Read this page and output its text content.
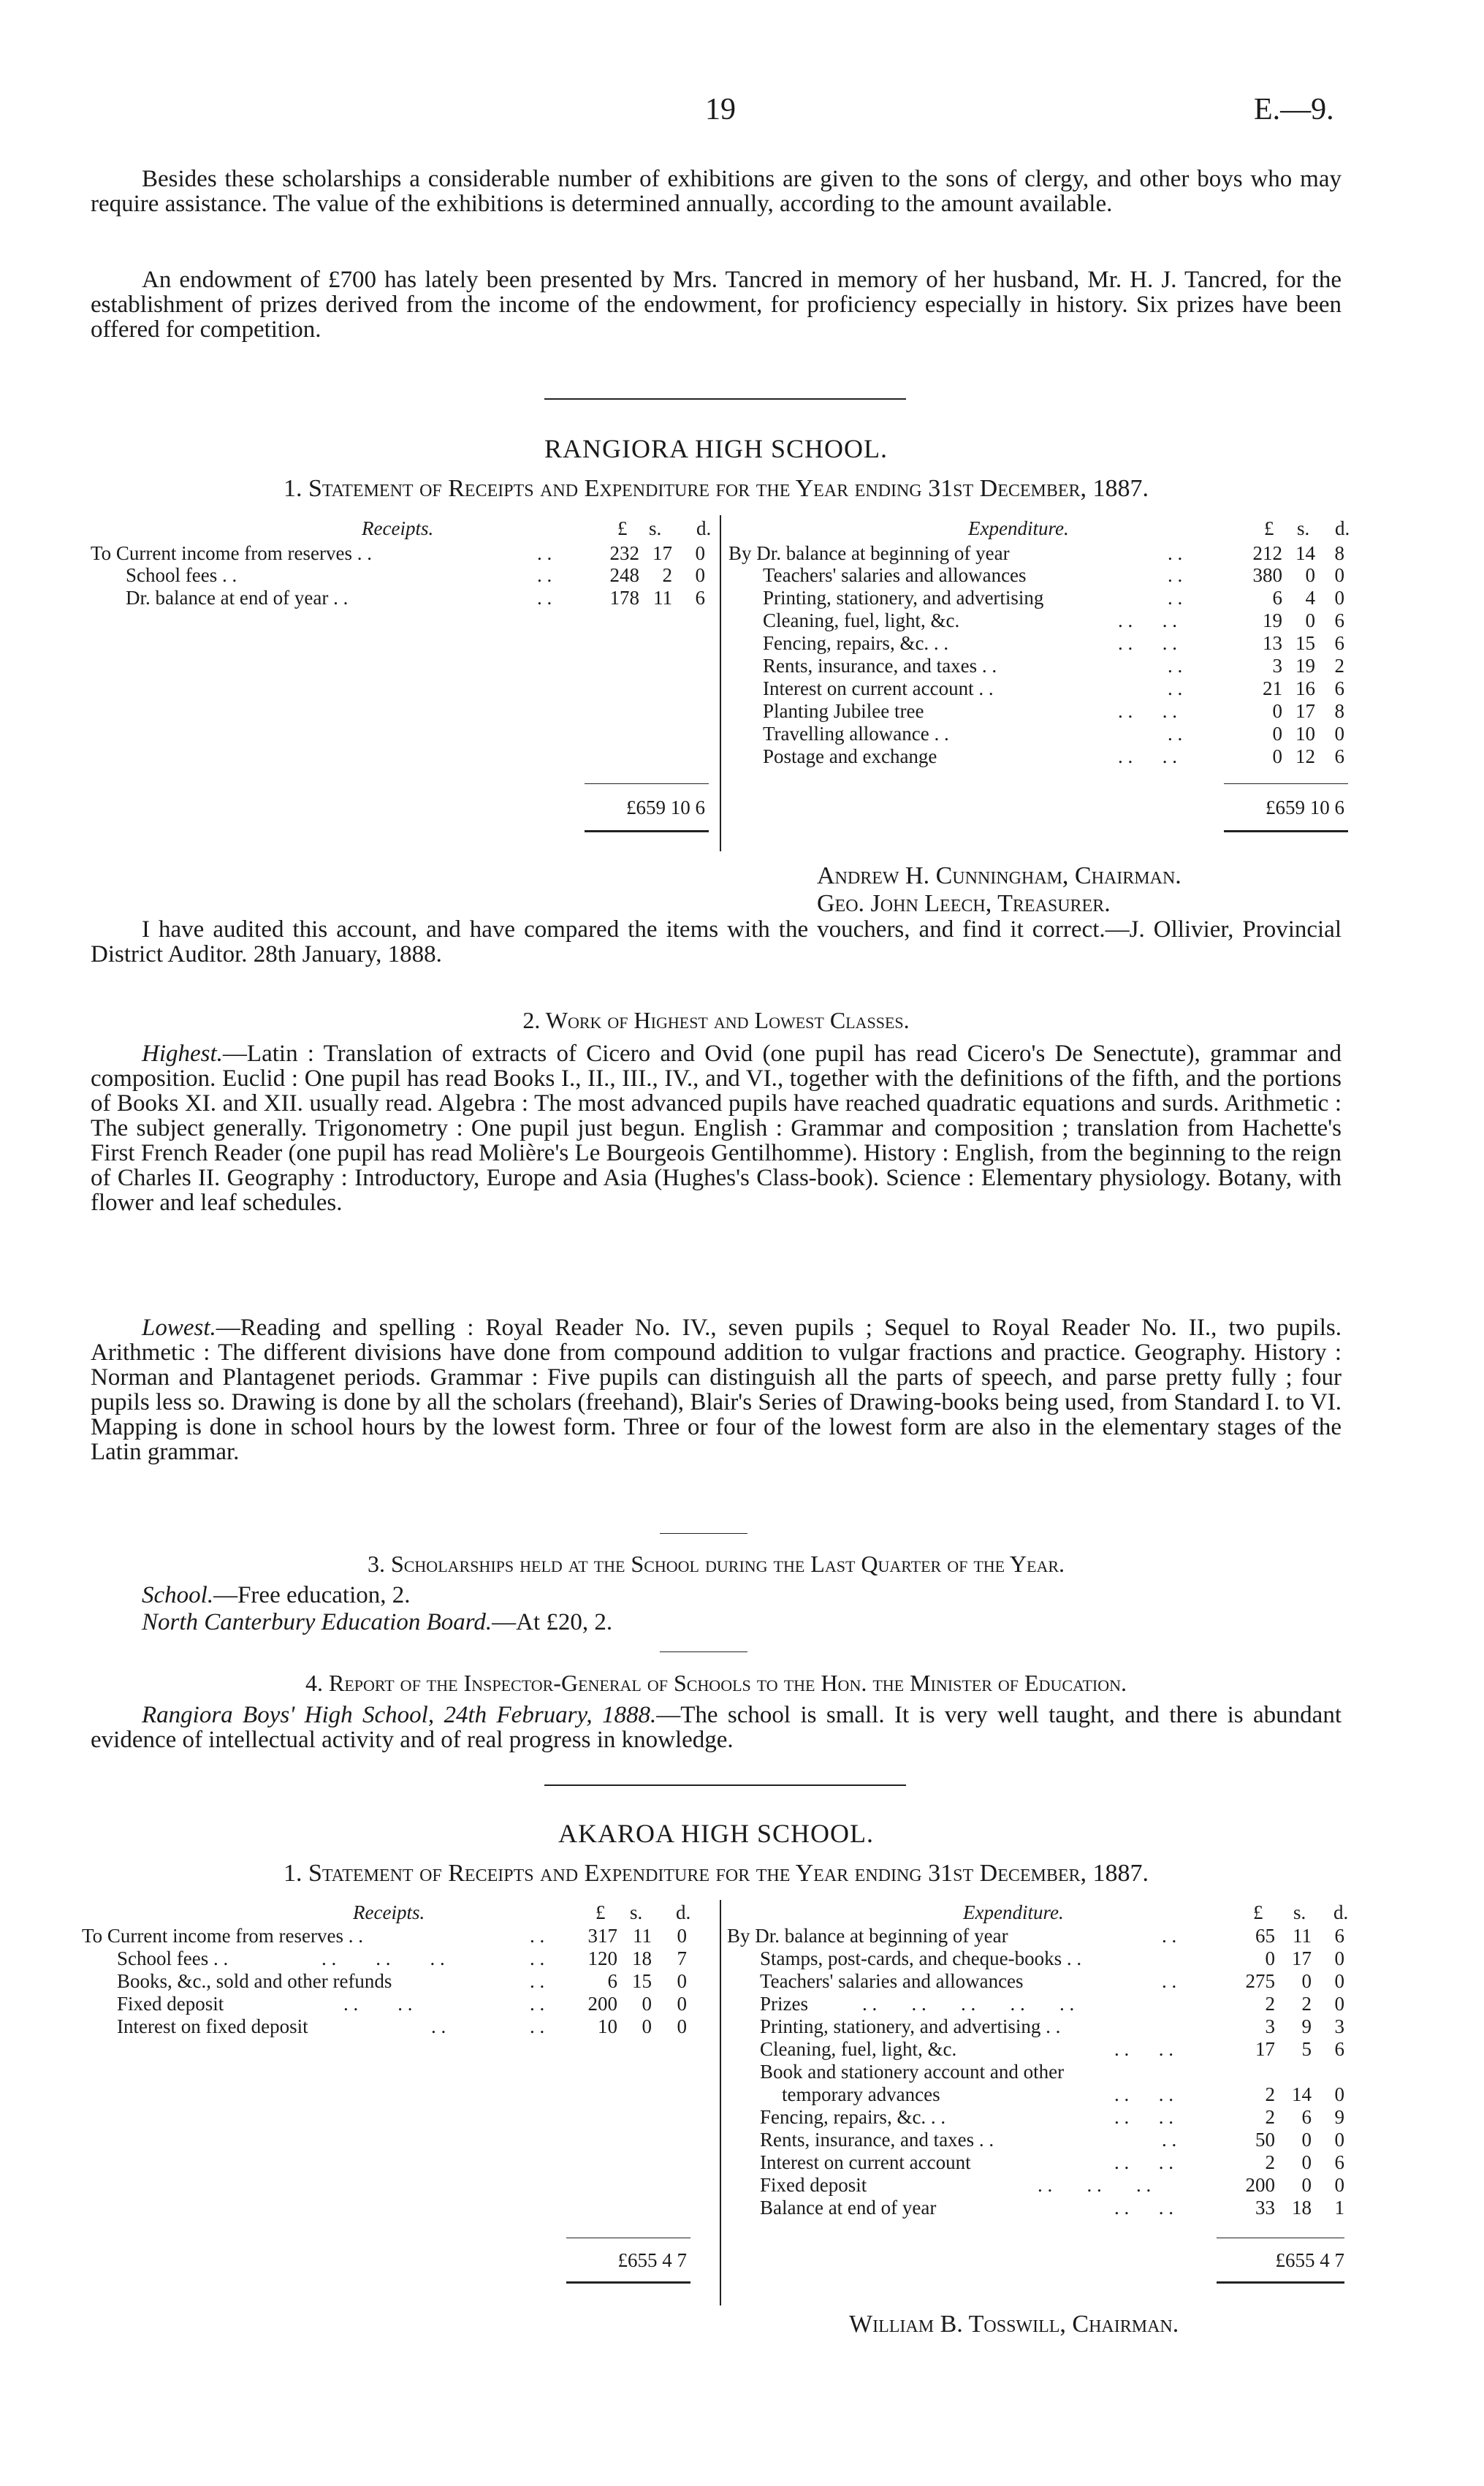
19	E.—9.
Besides these scholarships a considerable number of exhibitions are given to the sons of clergy, and other boys who may require assistance. The value of the exhibitions is determined annually, according to the amount available.
An endowment of £700 has lately been presented by Mrs. Tancred in memory of her husband, Mr. H. J. Tancred, for the establishment of prizes derived from the income of the endowment, for proficiency especially in history. Six prizes have been offered for competition.
RANGIORA HIGH SCHOOL.
1. Statement of Receipts and Expenditure for the Year ending 31st December, 1887.
Receipts.	£ s. d.	Expenditure.	£ s. d.
To Current income from reserves . .	. .	232 17	0
School fees . .	. .	248	2	0
Dr. balance at end of year . .	. .	178 11	6
By Dr. balance at beginning of year	. .	212 14 8
Teachers' salaries and allowances	. .	380	0 0
Printing, stationery, and advertising	. .	6	4 0
Cleaning, fuel, light, &c.	. .      . .	19	0 6
Fencing, repairs, &c. . .	. .      . .	13 15 6
Rents, insurance, and taxes . .	. .	3 19 2
Interest on current account . .	. .	21 16 6
Planting Jubilee tree	. .      . .	0 17 8
Travelling allowance . .	. .	0 10 0
Postage and exchange	. .      . .	0 12 6
£659 10 6	£659 10 6
Andrew H. Cunningham, Chairman.
Geo. John Leech, Treasurer.
I have audited this account, and have compared the items with the vouchers, and find it correct.—J. Ollivier, Provincial District Auditor. 28th January, 1888.
2. Work of Highest and Lowest Classes.
Highest.—Latin : Translation of extracts of Cicero and Ovid (one pupil has read Cicero's De Senectute), grammar and composition. Euclid : One pupil has read Books I., II., III., IV., and VI., together with the definitions of the fifth, and the portions of Books XI. and XII. usually read. Algebra : The most advanced pupils have reached quadratic equations and surds. Arithmetic : The subject generally. Trigonometry : One pupil just begun. English : Grammar and composition ; translation from Hachette's First French Reader (one pupil has read Molière's Le Bourgeois Gentilhomme). History : English, from the beginning to the reign of Charles II. Geography : Introductory, Europe and Asia (Hughes's Class-book). Science : Elementary physiology. Botany, with flower and leaf schedules.
Lowest.—Reading and spelling : Royal Reader No. IV., seven pupils ; Sequel to Royal Reader No. II., two pupils. Arithmetic : The different divisions have done from compound addition to vulgar fractions and practice. Geography. History : Norman and Plantagenet periods. Grammar : Five pupils can distinguish all the parts of speech, and parse pretty fully ; four pupils less so. Drawing is done by all the scholars (freehand), Blair's Series of Drawing-books being used, from Standard I. to VI. Mapping is done in school hours by the lowest form. Three or four of the lowest form are also in the elementary stages of the Latin grammar.
3. Scholarships held at the School during the Last Quarter of the Year.
School.—Free education, 2.
North Canterbury Education Board.—At £20, 2.
4. Report of the Inspector-General of Schools to the Hon. the Minister of Education.
Rangiora Boys' High School, 24th February, 1888.—The school is small. It is very well taught, and there is abundant evidence of intellectual activity and of real progress in knowledge.
AKAROA HIGH SCHOOL.
1. Statement of Receipts and Expenditure for the Year ending 31st December, 1887.
Receipts.	£ s. d.	Expenditure.	£ s. d.
To Current income from reserves . .	. .	317 11	0
School fees . .	. .        . .        . .	. .	120 18	7
Books, &c., sold and other refunds	. .	6 15	0
Fixed deposit	. .        . .	. .	200	0	0
Interest on fixed deposit	. .	. .	10	0	0
By Dr. balance at beginning of year	. .	65 11	6
Stamps, post-cards, and cheque-books . .	0 17	0
Teachers' salaries and allowances	. .	275	0	0
Prizes	. .       . .       . .       . .       . .	2	2	0
Printing, stationery, and advertising . .	3	9	3
Cleaning, fuel, light, &c.	. .      . .	17	5	6
Book and stationery account and other
temporary advances	. .      . .	2 14	0
Fencing, repairs, &c. . .	. .      . .	2	6	9
Rents, insurance, and taxes . .	. .	50	0	0
Interest on current account	. .      . .	2	0	6
Fixed deposit	. .       . .       . .	200	0	0
Balance at end of year	. .      . .	33 18	1
£655 4 7	£655 4 7
William B. Tosswill, Chairman.
